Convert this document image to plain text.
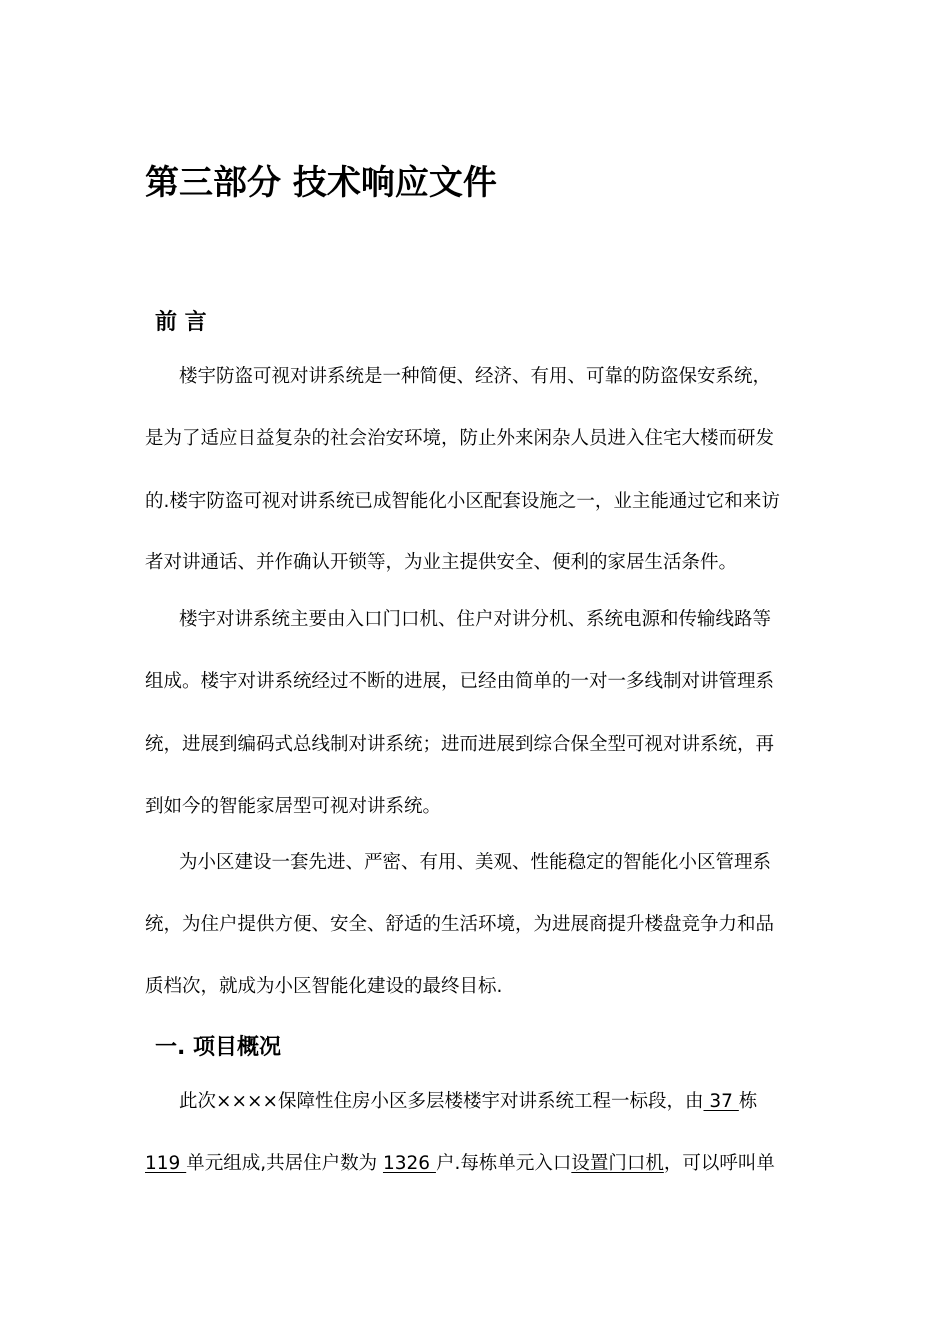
第三部分 技术响应文件
前 言
楼宇防盗可视对讲系统是一种简便、经济、有用、可靠的防盗保安系统，
是为了适应日益复杂的社会治安环境，防止外来闲杂人员进入住宅大楼而研发
的.楼宇防盗可视对讲系统已成智能化小区配套设施之一，业主能通过它和来访
者对讲通话、并作确认开锁等，为业主提供安全、便利的家居生活条件。
楼宇对讲系统主要由入口门口机、住户对讲分机、系统电源和传输线路等
组成。楼宇对讲系统经过不断的进展，已经由简单的一对一多线制对讲管理系
统，进展到编码式总线制对讲系统；进而进展到综合保全型可视对讲系统，再
到如今的智能家居型可视对讲系统。
为小区建设一套先进、严密、有用、美观、性能稳定的智能化小区管理系
统，为住户提供方便、安全、舒适的生活环境，为进展商提升楼盘竞争力和品
质档次，就成为小区智能化建设的最终目标.
一. 项目概况
此次××××保障性住房小区多层楼楼宇对讲系统工程一标段，由 37 栋
119 单元组成,共居住户数为 1326 户.每栋单元入口设置门口机，可以呼叫单
